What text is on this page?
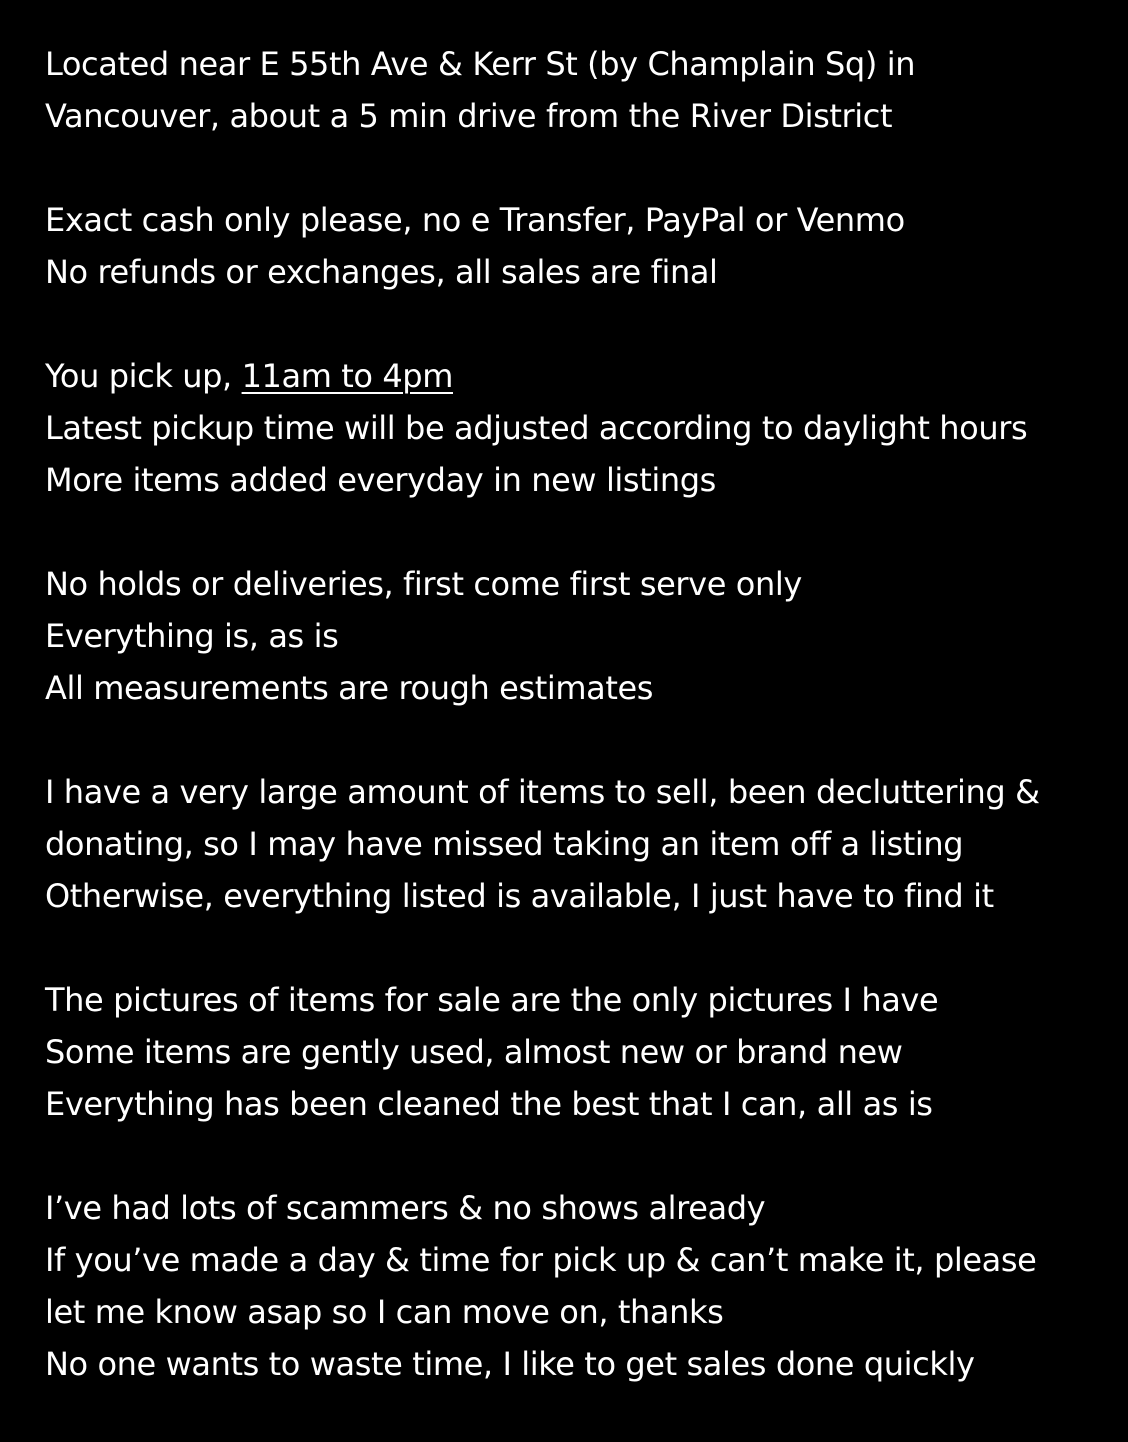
Located near E 55th Ave & Kerr St (by Champlain Sq) in
Vancouver, about a 5 min drive from the River District
Exact cash only please, no e Transfer, PayPal or Venmo
No refunds or exchanges, all sales are final
You pick up, 11am to 4pm
Latest pickup time will be adjusted according to daylight hours
More items added everyday in new listings
No holds or deliveries, first come first serve only
Everything is, as is
All measurements are rough estimates
I have a very large amount of items to sell, been decluttering &
donating, so I may have missed taking an item off a listing
Otherwise, everything listed is available, I just have to find it
The pictures of items for sale are the only pictures I have
Some items are gently used, almost new or brand new
Everything has been cleaned the best that I can, all as is
I’ve had lots of scammers & no shows already
If you’ve made a day & time for pick up & can’t make it, please
let me know asap so I can move on, thanks
No one wants to waste time, I like to get sales done quickly
